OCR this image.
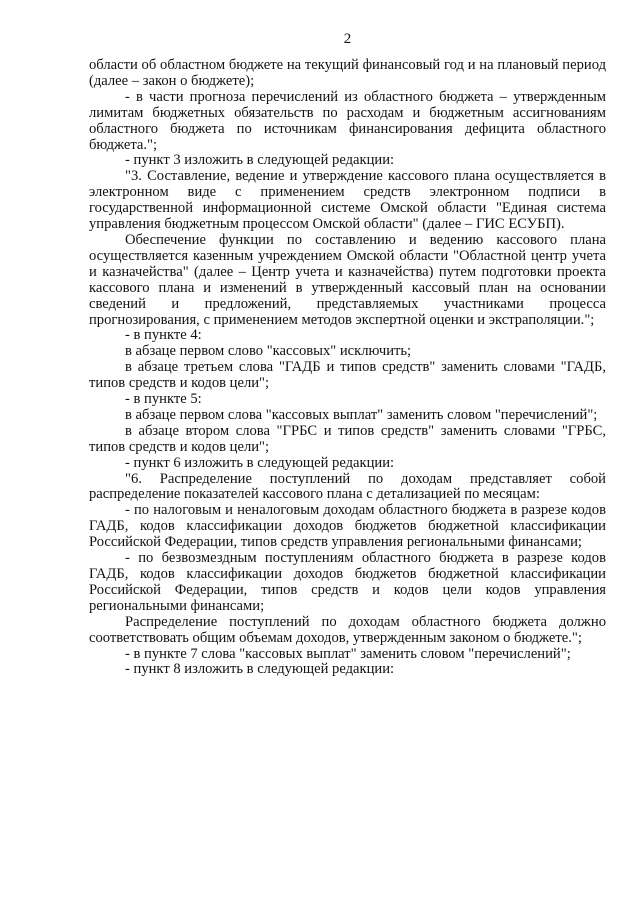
2

области об областном бюджете на текущий финансовый год и на плановый период (далее – закон о бюджете);

- в части прогноза перечислений из областного бюджета – утвержденным лимитам бюджетных обязательств по расходам и бюджетным ассигнованиям областного бюджета по источникам финансирования дефицита областного бюджета.";

- пункт 3 изложить в следующей редакции:

"3. Составление, ведение и утверждение кассового плана осуществляется в электронном виде с применением средств электронном подписи в государственной информационной системе Омской области "Единая система управления бюджетным процессом Омской области" (далее – ГИС ЕСУБП).

Обеспечение функции по составлению и ведению кассового плана осуществляется казенным учреждением Омской области "Областной центр учета и казначейства" (далее – Центр учета и казначейства) путем подготовки проекта кассового плана и изменений в утвержденный кассовый план на основании сведений и предложений, представляемых участниками процесса прогнозирования, с применением методов экспертной оценки и экстраполяции.";

- в пункте 4:

в абзаце первом слово "кассовых" исключить;

в абзаце третьем слова "ГАДБ и типов средств" заменить словами "ГАДБ, типов средств и кодов цели";

- в пункте 5:

в абзаце первом слова "кассовых выплат" заменить словом "перечислений";

в абзаце втором слова "ГРБС и типов средств" заменить словами "ГРБС, типов средств и кодов цели";

- пункт 6 изложить в следующей редакции:

"6. Распределение поступлений по доходам представляет собой распределение показателей кассового плана с детализацией по месяцам:

- по налоговым и неналоговым доходам областного бюджета в разрезе кодов ГАДБ, кодов классификации доходов бюджетов бюджетной классификации Российской Федерации, типов средств управления региональными финансами;

- по безвозмездным поступлениям областного бюджета в разрезе кодов ГАДБ, кодов классификации доходов бюджетов бюджетной классификации Российской Федерации, типов средств и кодов цели кодов управления региональными финансами;

Распределение поступлений по доходам областного бюджета должно соответствовать общим объемам доходов, утвержденным законом о бюджете.";

- в пункте 7 слова "кассовых выплат" заменить словом "перечислений";

- пункт 8 изложить в следующей редакции:
